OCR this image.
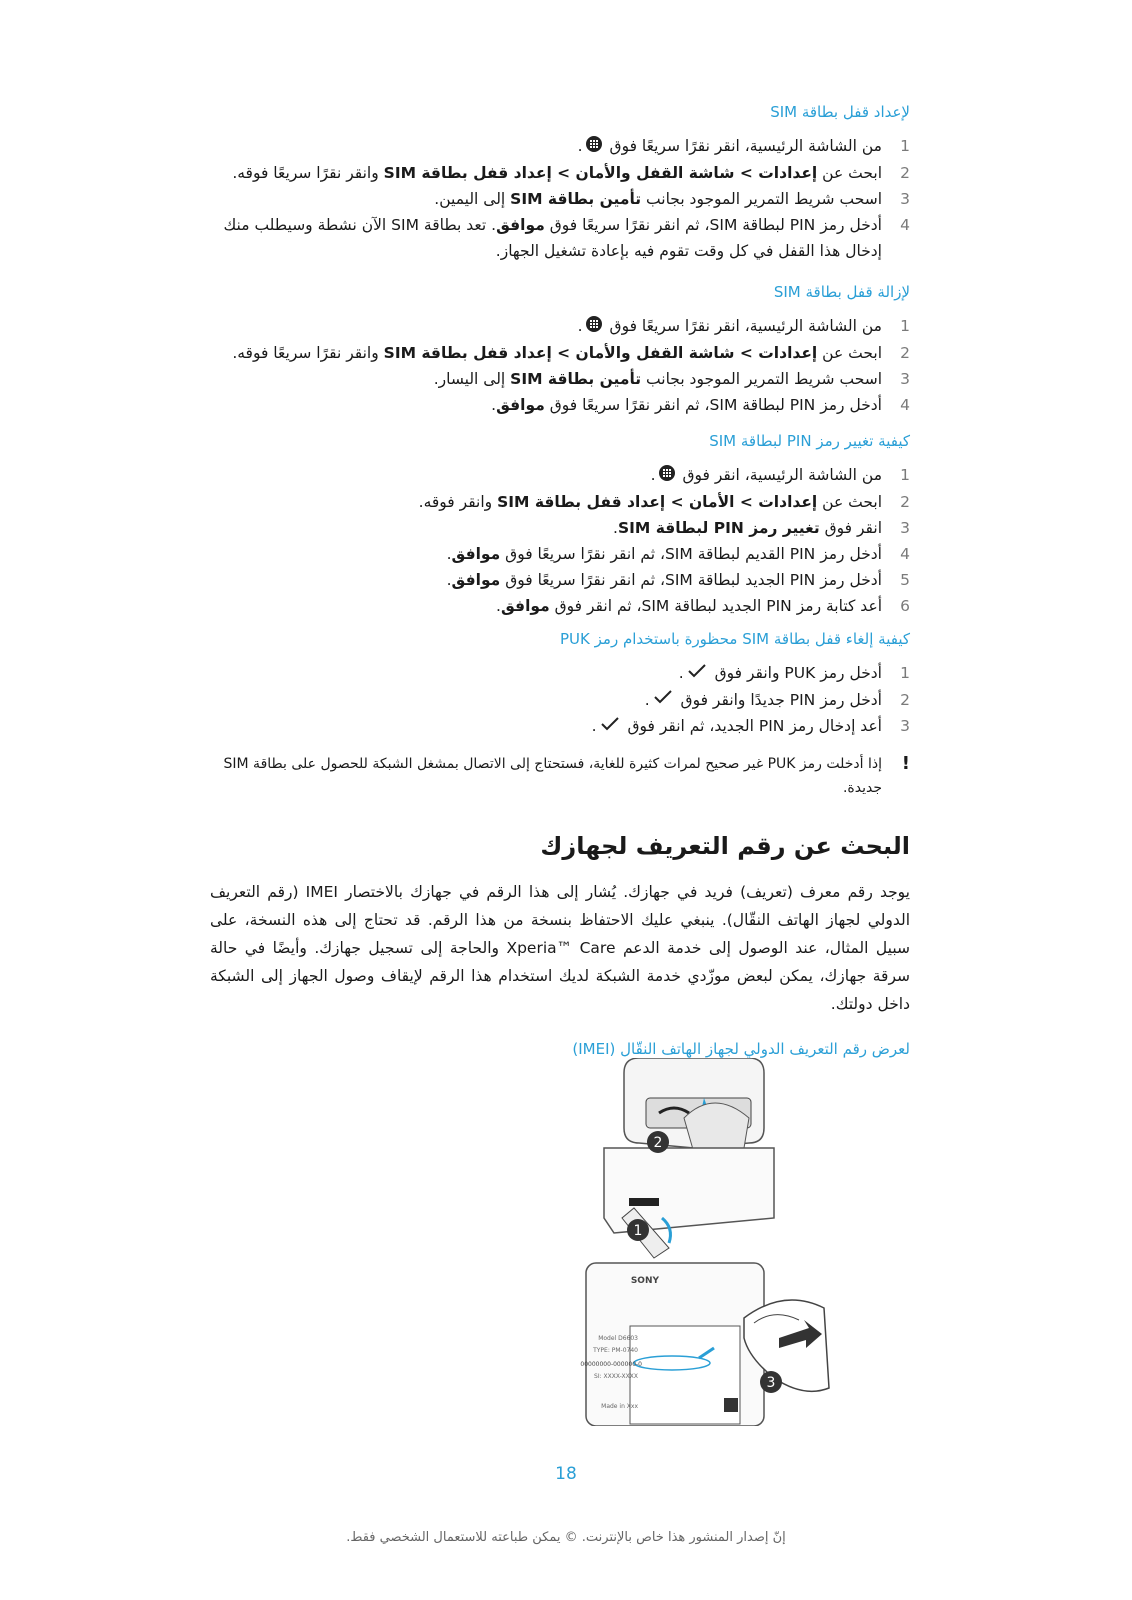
لإعداد قفل بطاقة SIM

1
من الشاشة الرئيسية، انقر نقرًا سريعًا فوق .
2
ابحث عن إعدادات > شاشة القفل والأمان > إعداد قفل بطاقة SIM وانقر نقرًا سريعًا فوقه.
3
اسحب شريط التمرير الموجود بجانب تأمين بطاقة SIM إلى اليمين.
4
أدخل رمز PIN لبطاقة SIM، ثم انقر نقرًا سريعًا فوق موافق. تعد بطاقة SIM الآن نشطة وسيطلب منك إدخال هذا القفل في كل وقت تقوم فيه بإعادة تشغيل الجهاز.

لإزالة قفل بطاقة SIM

1
من الشاشة الرئيسية، انقر نقرًا سريعًا فوق .
2
ابحث عن إعدادات > شاشة القفل والأمان > إعداد قفل بطاقة SIM وانقر نقرًا سريعًا فوقه.
3
اسحب شريط التمرير الموجود بجانب تأمين بطاقة SIM إلى اليسار.
4
أدخل رمز PIN لبطاقة SIM، ثم انقر نقرًا سريعًا فوق موافق.

كيفية تغيير رمز PIN لبطاقة SIM

1
من الشاشة الرئيسية، انقر فوق .
2
ابحث عن إعدادات > الأمان > إعداد قفل بطاقة SIM وانقر فوقه.
3
انقر فوق تغيير رمز PIN لبطاقة SIM.
4
أدخل رمز PIN القديم لبطاقة SIM، ثم انقر نقرًا سريعًا فوق موافق.
5
أدخل رمز PIN الجديد لبطاقة SIM، ثم انقر نقرًا سريعًا فوق موافق.
6
أعد كتابة رمز PIN الجديد لبطاقة SIM، ثم انقر فوق موافق.

كيفية إلغاء قفل بطاقة SIM محظورة باستخدام رمز PUK

1
أدخل رمز PUK وانقر فوق .
2
أدخل رمز PIN جديدًا وانقر فوق .
3
أعد إدخال رمز PIN الجديد، ثم انقر فوق .
!
إذا أدخلت رمز PUK غير صحيح لمرات كثيرة للغاية، فستحتاج إلى الاتصال بمشغل الشبكة للحصول على بطاقة SIM جديدة.

البحث عن رقم التعريف لجهازك

يوجد رقم معرف (تعريف) فريد في جهازك. يُشار إلى هذا الرقم في جهازك بالاختصار IMEI (رقم التعريف الدولي لجهاز الهاتف النقّال). ينبغي عليك الاحتفاظ بنسخة من هذا الرقم. قد تحتاج إلى هذه النسخة، على سبيل المثال، عند الوصول إلى خدمة الدعم Xperia™ Care والحاجة إلى تسجيل جهازك. وأيضًا في حالة سرقة جهازك، يمكن لبعض موزّدي خدمة الشبكة لديك استخدام هذا الرقم لإيقاف وصول الجهاز إلى الشبكة داخل دولتك.

لعرض رقم التعريف الدولي لجهاز الهاتف النقّال (IMEI)

2
1
SONY
Model D6603
TYPE: PM-0740
00000000-000000-0
SI: XXXX-XXXX
Made in Xxx
3
18
إنّ إصدار المنشور هذا خاص بالإنترنت. © يمكن طباعته للاستعمال الشخصي فقط.
